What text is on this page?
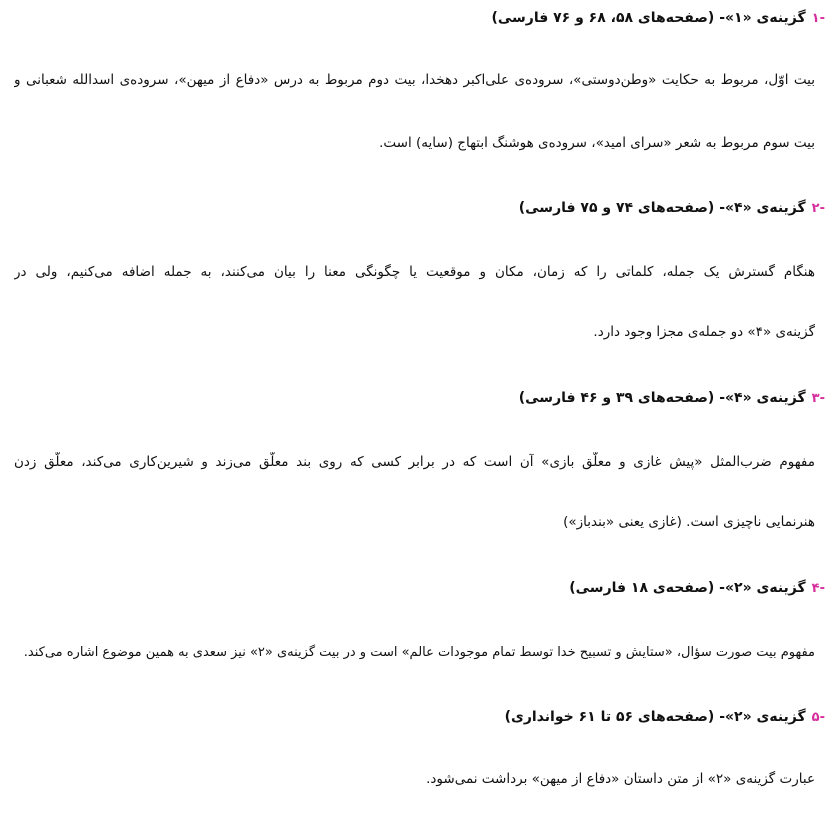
-۱گزینه‌ی «۱»- (صفحه‌های ۵۸، ۶۸ و ۷۶ فارسی)
بیت اوّل، مربوط به حکایت «وطن‌دوستی»، سروده‌ی علی‌اکبر دهخدا، بیت دوم مربوط به درس «دفاع از میهن»، سروده‌ی اسدالله شعبانی و
بیت سوم مربوط به شعر «سرای امید»، سروده‌ی هوشنگ ابتهاج (سایه) است.
-۲گزینه‌ی «۴»- (صفحه‌های ۷۴ و ۷۵ فارسی)
هنگام گسترش یک جمله، کلماتی را که زمان، مکان و موقعیت یا چگونگی معنا را بیان می‌کنند، به جمله اضافه می‌کنیم، ولی در
گزینه‌ی «۴» دو جمله‌ی مجزا وجود دارد.
-۳گزینه‌ی «۴»- (صفحه‌های ۳۹ و ۴۶ فارسی)
مفهوم ضرب‌المثل «پیش غازی و معلّق بازی» آن است که در برابر کسی که روی بند معلّق می‌زند و شیرین‌کاری می‌کند، معلّق زدن
هنرنمایی ناچیزی است. (غازی یعنی «بندباز»)
-۴گزینه‌ی «۲»- (صفحه‌ی ۱۸ فارسی)
مفهوم بیت صورت سؤال، «ستایش و تسبیح خدا توسط تمام موجودات عالم» است و در بیت گزینه‌ی «۲» نیز سعدی به همین موضوع اشاره می‌کند.
-۵گزینه‌ی «۲»- (صفحه‌های ۵۶ تا ۶۱ خوانداری)
عبارت گزینه‌ی «۲» از متن داستان «دفاع از میهن» برداشت نمی‌شود.
